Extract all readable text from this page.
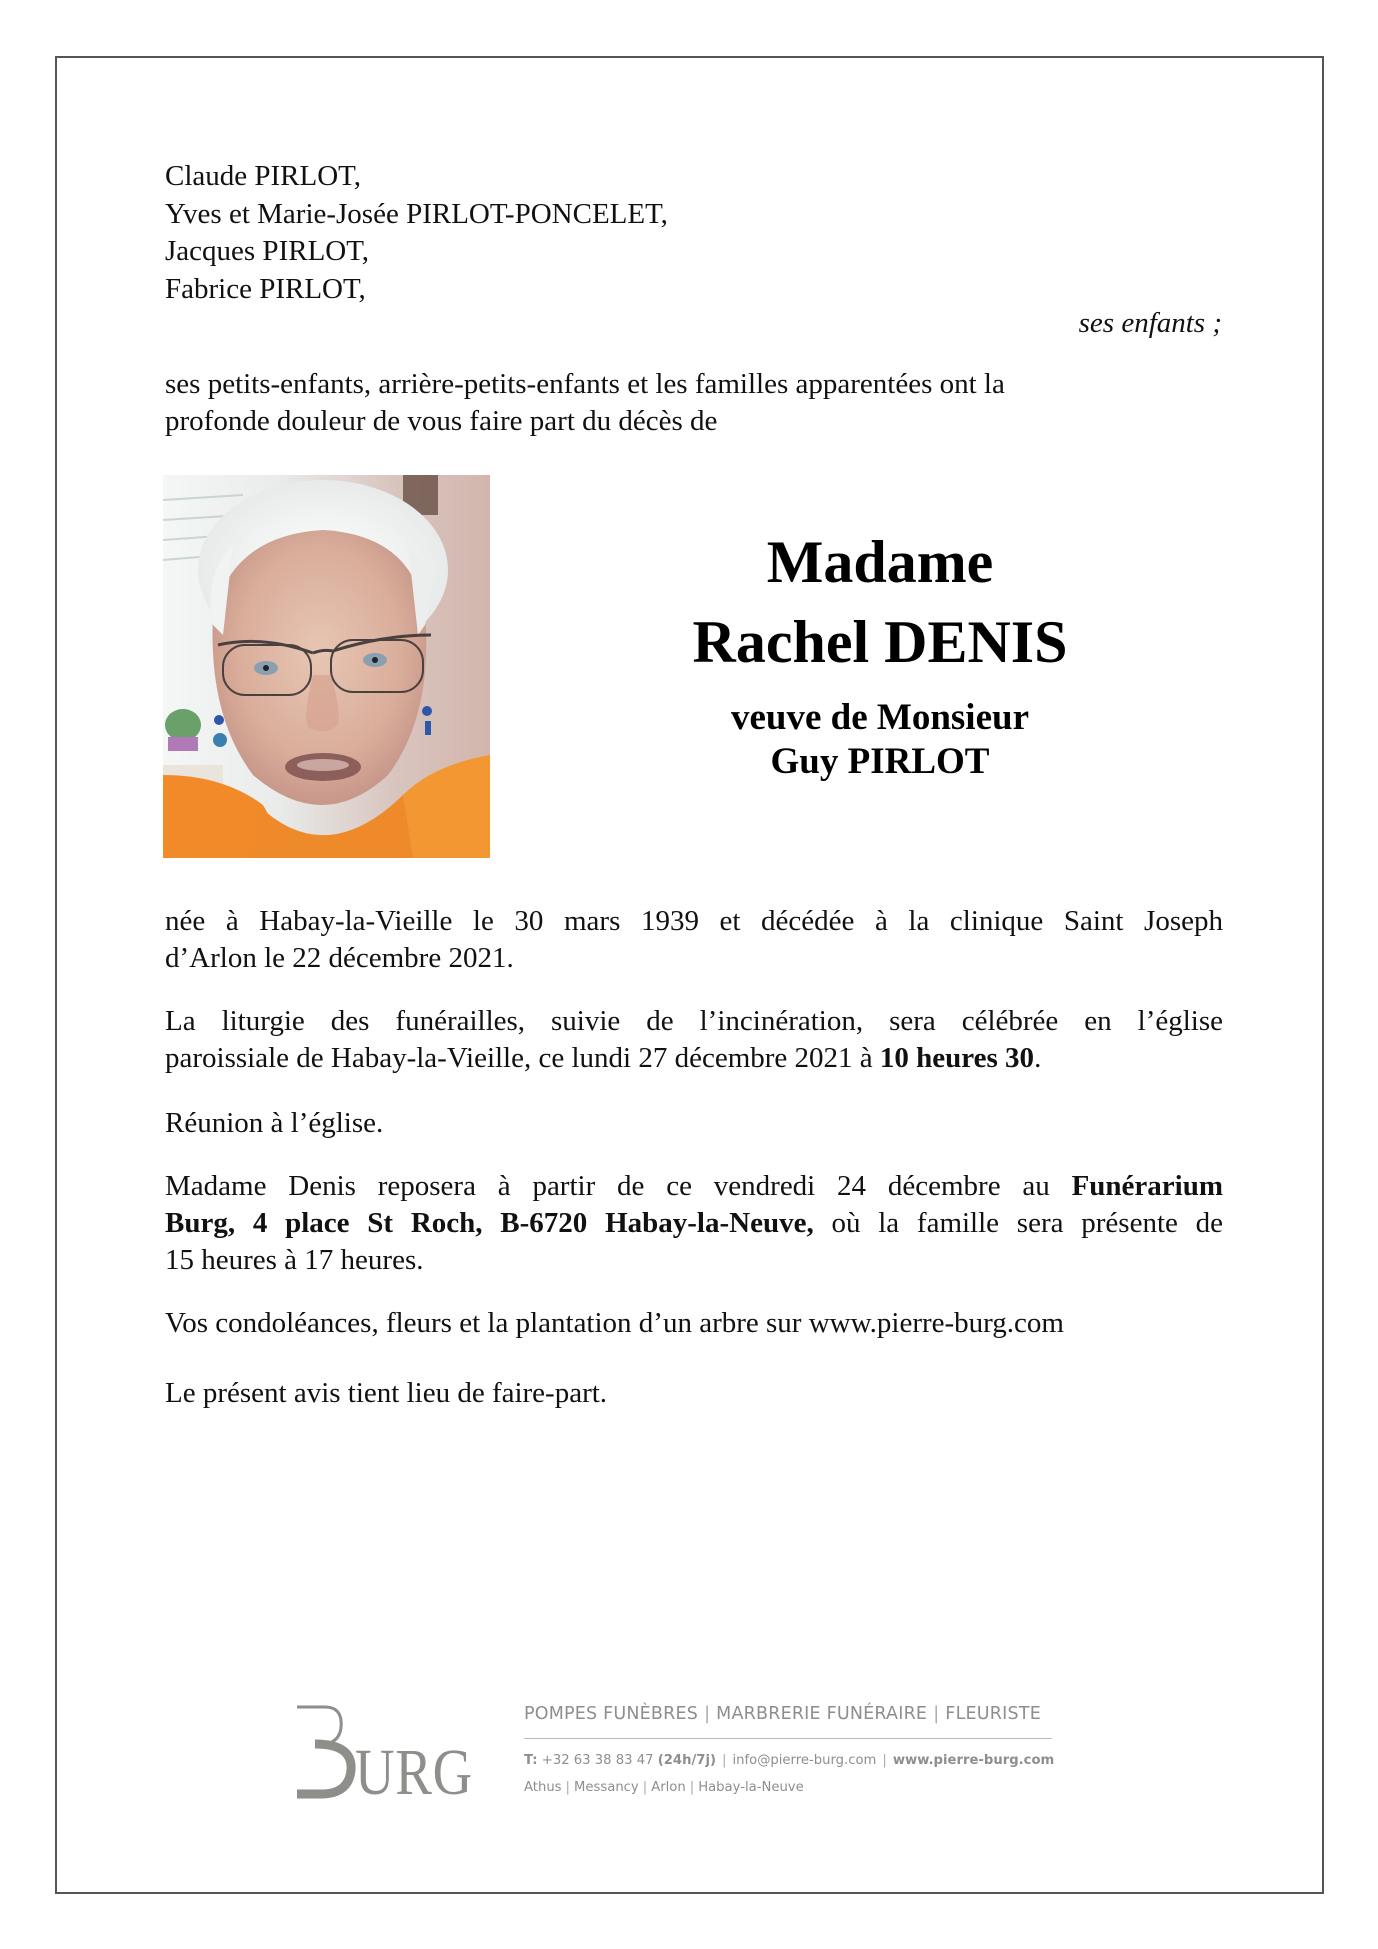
Claude PIRLOT,
Yves et Marie-Josée PIRLOT-PONCELET,
Jacques PIRLOT,
Fabrice PIRLOT,
ses enfants ;
ses petits-enfants, arrière-petits-enfants et les familles apparentées ont la
profonde douleur de vous faire part du décès de
Madame
Rachel DENIS
veuve de Monsieur
Guy PIRLOT
née à Habay-la-Vieille le 30 mars 1939 et décédée à la clinique Saint Joseph
d’Arlon le 22 décembre 2021.
La liturgie des funérailles, suivie de l’incinération, sera célébrée en l’église
paroissiale de Habay-la-Vieille, ce lundi 27 décembre 2021 à 10 heures 30.
Réunion à l’église.
Madame Denis reposera à partir de ce vendredi 24 décembre au Funérarium
Burg, 4 place St Roch, B-6720 Habay-la-Neuve, où la famille sera présente de
15 heures à 17 heures.
Vos condoléances, fleurs et la plantation d’un arbre sur www.pierre-burg.com
Le présent avis tient lieu de faire-part.
URG
POMPES FUNÈBRES | MARBRERIE FUNÉRAIRE | FLEURISTE
T: +32 63 38 83 47 (24h/7j) | info@pierre-burg.com | www.pierre-burg.com
Athus | Messancy | Arlon | Habay-la-Neuve
